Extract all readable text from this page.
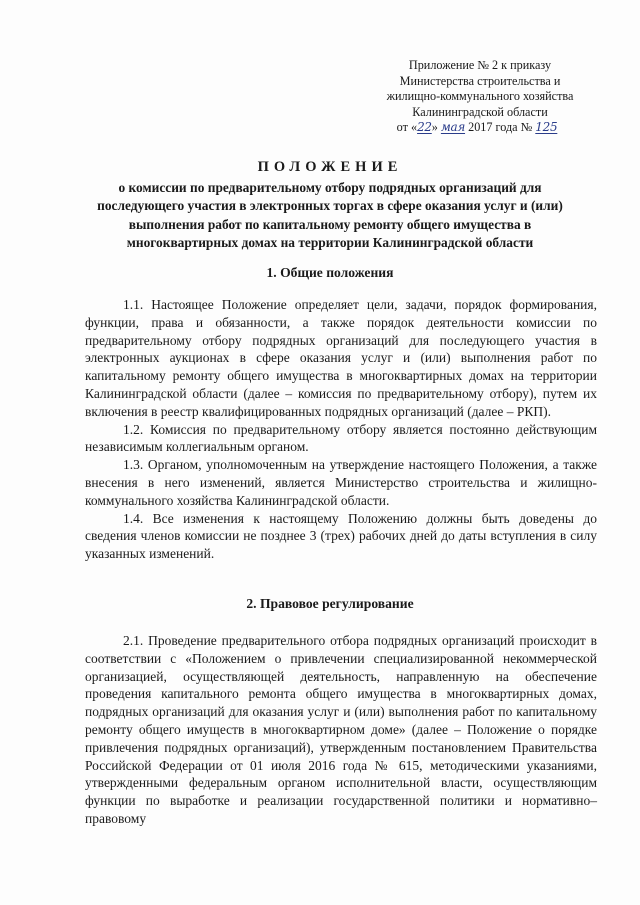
Приложение № 2 к приказу
Министерства строительства и
жилищно-коммунального хозяйства
Калининградской области
от «22» мая 2017 года № 125
ПОЛОЖЕНИЕ
о комиссии по предварительному отбору подрядных организаций для последующего участия в электронных торгах в сфере оказания услуг и (или) выполнения работ по капитальному ремонту общего имущества в многоквартирных домах на территории Калининградской области
1. Общие положения

1.1. Настоящее Положение определяет цели, задачи, порядок формирования, функции, права и обязанности, а также порядок деятельности комиссии по предварительному отбору подрядных организаций для последующего участия в электронных аукционах в сфере оказания услуг и (или) выполнения работ по капитальному ремонту общего имущества в многоквартирных домах на территории Калининградской области (далее – комиссия по предварительному отбору), путем их включения в реестр квалифицированных подрядных организаций (далее – РКП).

1.2. Комиссия по предварительному отбору является постоянно действующим независимым коллегиальным органом.

1.3. Органом, уполномоченным на утверждение настоящего Положения, а также внесения в него изменений, является Министерство строительства и жилищно-коммунального хозяйства Калининградской области.

1.4. Все изменения к настоящему Положению должны быть доведены до сведения членов комиссии не позднее 3 (трех) рабочих дней до даты вступления в силу указанных изменений.

2. Правовое регулирование

2.1. Проведение предварительного отбора подрядных организаций происходит в соответствии с «Положением о привлечении специализированной некоммерческой организацией, осуществляющей деятельность, направленную на обеспечение проведения капитального ремонта общего имущества в многоквартирных домах, подрядных организаций для оказания услуг и (или) выполнения работ по капитальному ремонту общего имуществ в многоквартирном доме» (далее – Положение о порядке привлечения подрядных организаций), утвержденным постановлением Правительства Российской Федерации от 01 июля 2016 года № 615, методическими указаниями, утвержденными федеральным органом исполнительной власти, осуществляющим функции по выработке и реализации государственной политики и нормативно–правовому
